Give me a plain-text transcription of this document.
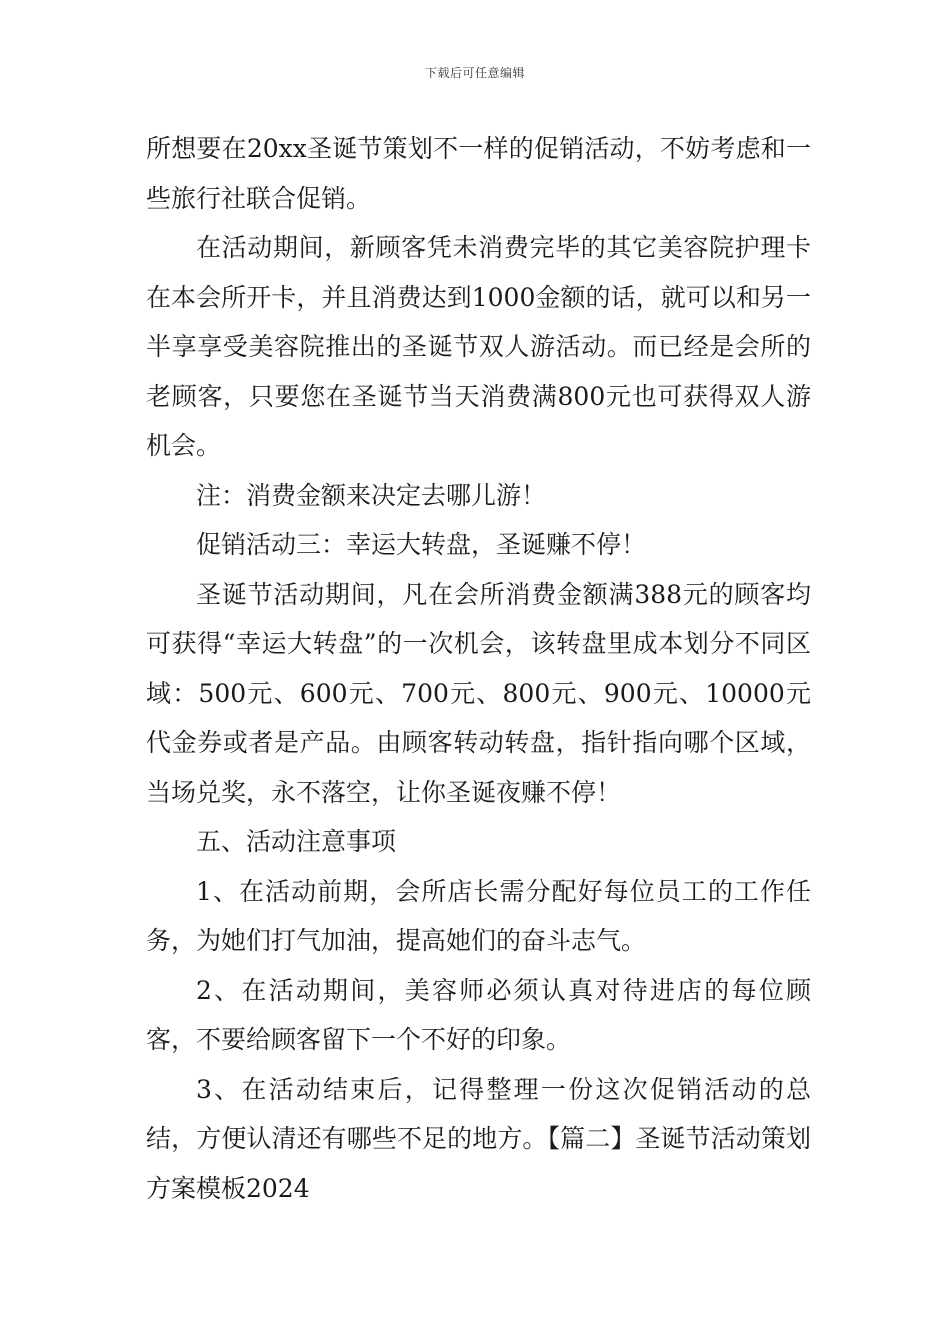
下载后可任意编辑

所想要在20xx圣诞节策划不一样的促销活动，不妨考虑和一些旅行社联合促销。

在活动期间，新顾客凭未消费完毕的其它美容院护理卡在本会所开卡，并且消费达到1000金额的话，就可以和另一半享享受美容院推出的圣诞节双人游活动。而已经是会所的老顾客，只要您在圣诞节当天消费满800元也可获得双人游机会。

注：消费金额来决定去哪儿游！

促销活动三：幸运大转盘，圣诞赚不停！

圣诞节活动期间，凡在会所消费金额满388元的顾客均可获得“幸运大转盘”的一次机会，该转盘里成本划分不同区域：500元、600元、700元、800元、900元、10000元代金券或者是产品。由顾客转动转盘，指针指向哪个区域，当场兑奖，永不落空，让你圣诞夜赚不停！

五、活动注意事项

1、在活动前期，会所店长需分配好每位员工的工作任务，为她们打气加油，提高她们的奋斗志气。

2、在活动期间，美容师必须认真对待进店的每位顾客，不要给顾客留下一个不好的印象。

3、在活动结束后，记得整理一份这次促销活动的总结，方便认清还有哪些不足的地方。【篇二】圣诞节活动策划方案模板2024
